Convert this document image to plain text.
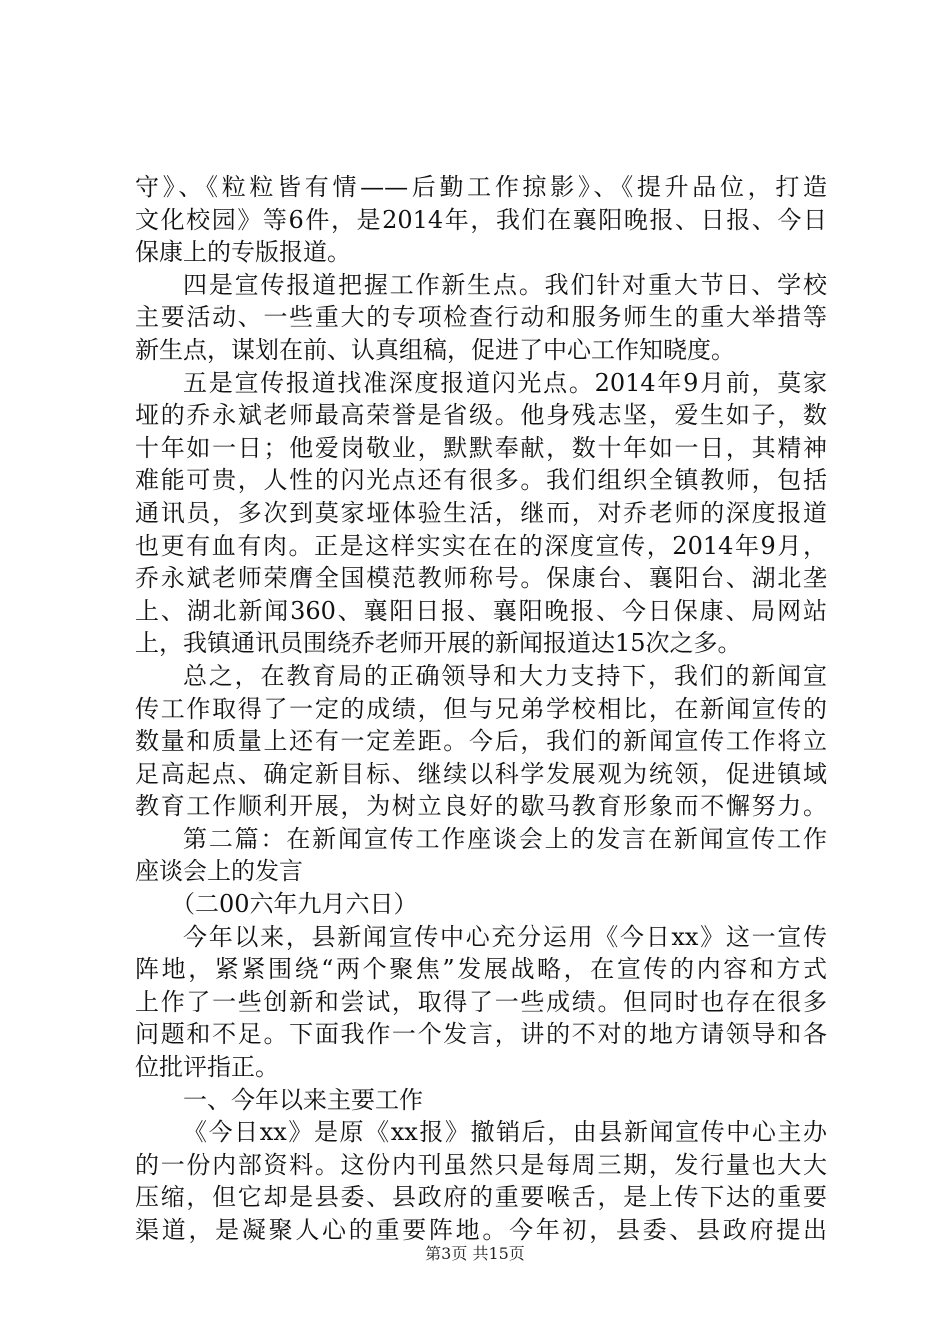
守》、《粒粒皆有情——后勤工作掠影》、《提升品位，打造
文化校园》等6件，是2014年，我们在襄阳晚报、日报、今日
保康上的专版报道。
四是宣传报道把握工作新生点。我们针对重大节日、学校
主要活动、一些重大的专项检查行动和服务师生的重大举措等
新生点，谋划在前、认真组稿，促进了中心工作知晓度。
五是宣传报道找准深度报道闪光点。2014年9月前，莫家
垭的乔永斌老师最高荣誉是省级。他身残志坚，爱生如子，数
十年如一日；他爱岗敬业，默默奉献，数十年如一日，其精神
难能可贵，人性的闪光点还有很多。我们组织全镇教师，包括
通讯员，多次到莫家垭体验生活，继而，对乔老师的深度报道
也更有血有肉。正是这样实实在在的深度宣传，2014年9月，
乔永斌老师荣膺全国模范教师称号。保康台、襄阳台、湖北垄
上、湖北新闻360、襄阳日报、襄阳晚报、今日保康、局网站
上，我镇通讯员围绕乔老师开展的新闻报道达15次之多。
总之，在教育局的正确领导和大力支持下，我们的新闻宣
传工作取得了一定的成绩，但与兄弟学校相比，在新闻宣传的
数量和质量上还有一定差距。今后，我们的新闻宣传工作将立
足高起点、确定新目标、继续以科学发展观为统领，促进镇域
教育工作顺利开展，为树立良好的歇马教育形象而不懈努力。
第二篇：在新闻宣传工作座谈会上的发言在新闻宣传工作
座谈会上的发言
（二00六年九月六日）
今年以来，县新闻宣传中心充分运用《今日xx》这一宣传
阵地，紧紧围绕“两个聚焦”发展战略，在宣传的内容和方式
上作了一些创新和尝试，取得了一些成绩。但同时也存在很多
问题和不足。下面我作一个发言，讲的不对的地方请领导和各
位批评指正。
一、今年以来主要工作
《今日xx》是原《xx报》撤销后，由县新闻宣传中心主办
的一份内部资料。这份内刊虽然只是每周三期，发行量也大大
压缩，但它却是县委、县政府的重要喉舌，是上传下达的重要
渠道，是凝聚人心的重要阵地。今年初，县委、县政府提出
第3页 共15页
